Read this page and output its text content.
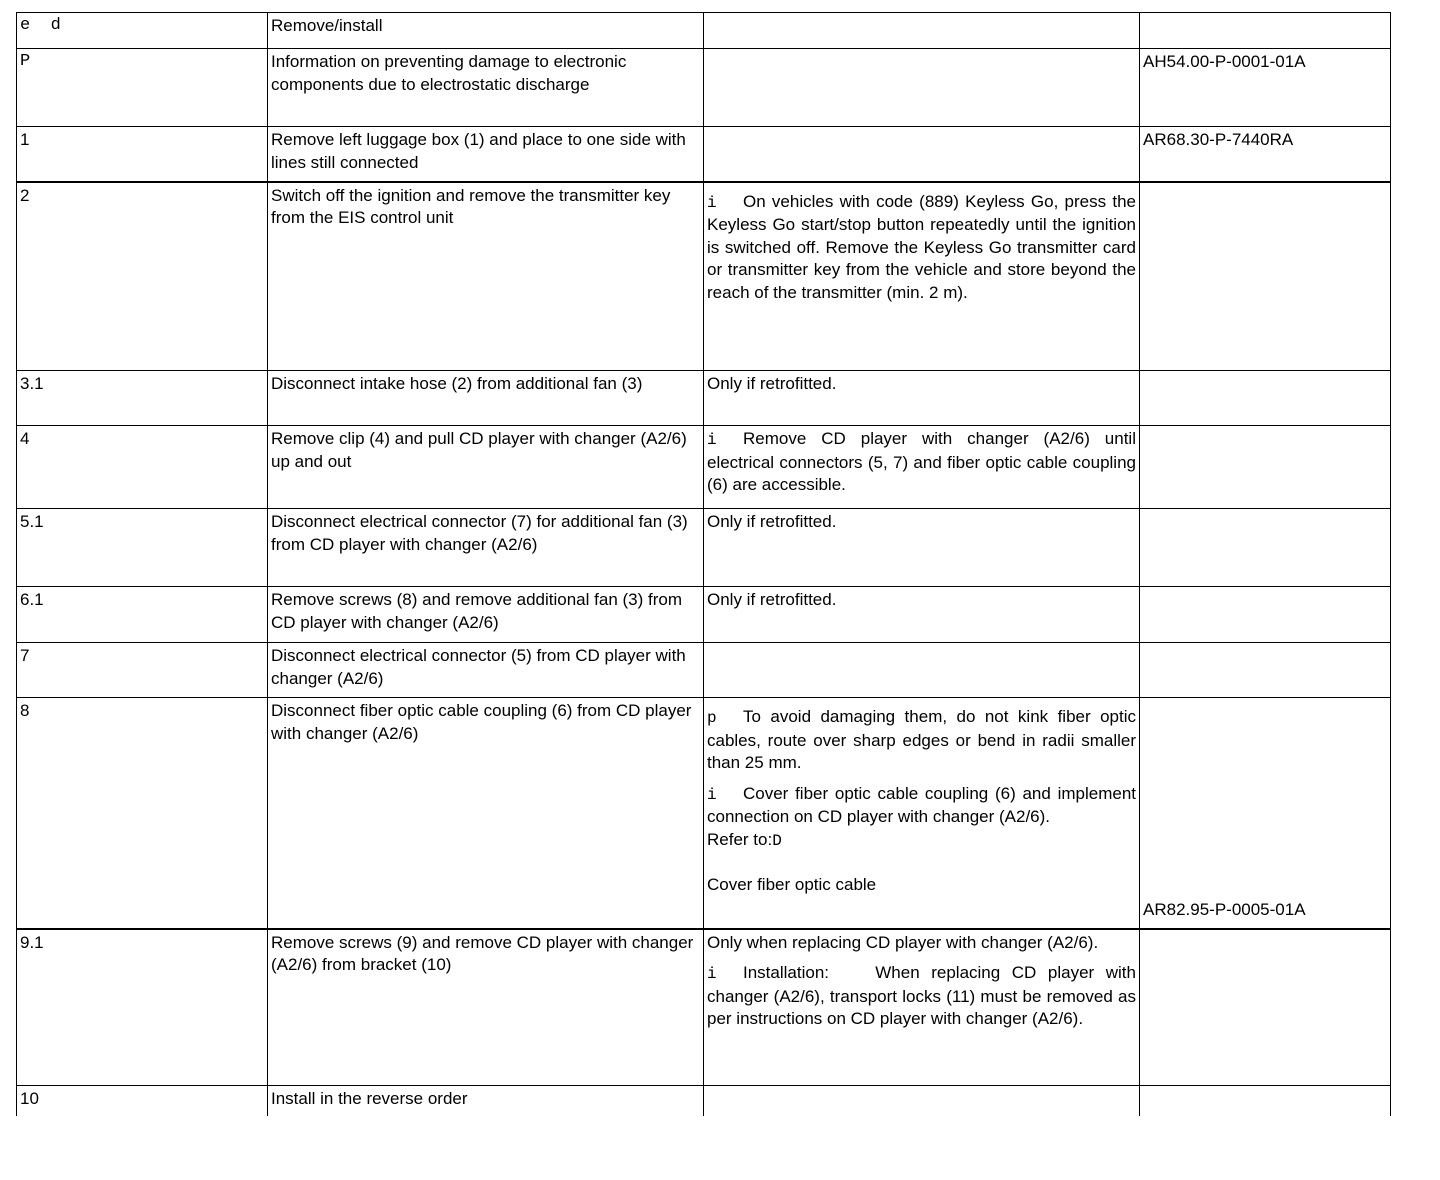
e  d	Remove/install		
P	Information on preventing damage to electronic components due to electrostatic discharge		AH54.00-P-0001-01A
1	Remove left luggage box (1) and place to one side with lines still connected		AR68.30-P-7440RA
2	Switch off the ignition and remove the transmitter key from the EIS control unit	i On vehicles with code (889) Keyless Go, press the Keyless Go start/stop button repeatedly until the ignition is switched off. Remove the Keyless Go transmitter card or transmitter key from the vehicle and store beyond the reach of the transmitter (min. 2 m).	

3.1	Disconnect intake hose (2) from additional fan (3)	Only if retrofitted.	
4	Remove clip (4) and pull CD player with changer (A2/6) up and out	i Remove CD player with changer (A2/6) until electrical connectors (5, 7) and fiber optic cable coupling (6) are accessible.	

5.1	Disconnect electrical connector (7) for additional fan (3) from CD player with changer (A2/6)	Only if retrofitted.	
6.1	Remove screws (8) and remove additional fan (3) from CD player with changer (A2/6)	Only if retrofitted.	
7	Disconnect electrical connector (5) from CD player with changer (A2/6)		
8	Disconnect fiber optic cable coupling (6) from CD player with changer (A2/6)	p To avoid damaging them, do not kink fiber optic cables, route over sharp edges or bend in radii smaller than 25 mm.
i Cover fiber optic cable coupling (6) and implement connection on CD player with changer (A2/6).
Refer to:D
Cover fiber optic cable	AR82.95-P-0005-01A
9.1	Remove screws (9) and remove CD player with changer (A2/6) from bracket (10)	Only when replacing CD player with changer (A2/6).
i Installation: When replacing CD player with changer (A2/6), transport locks (11) must be removed as per instructions on CD player with changer (A2/6).	

10	Install in the reverse order		
